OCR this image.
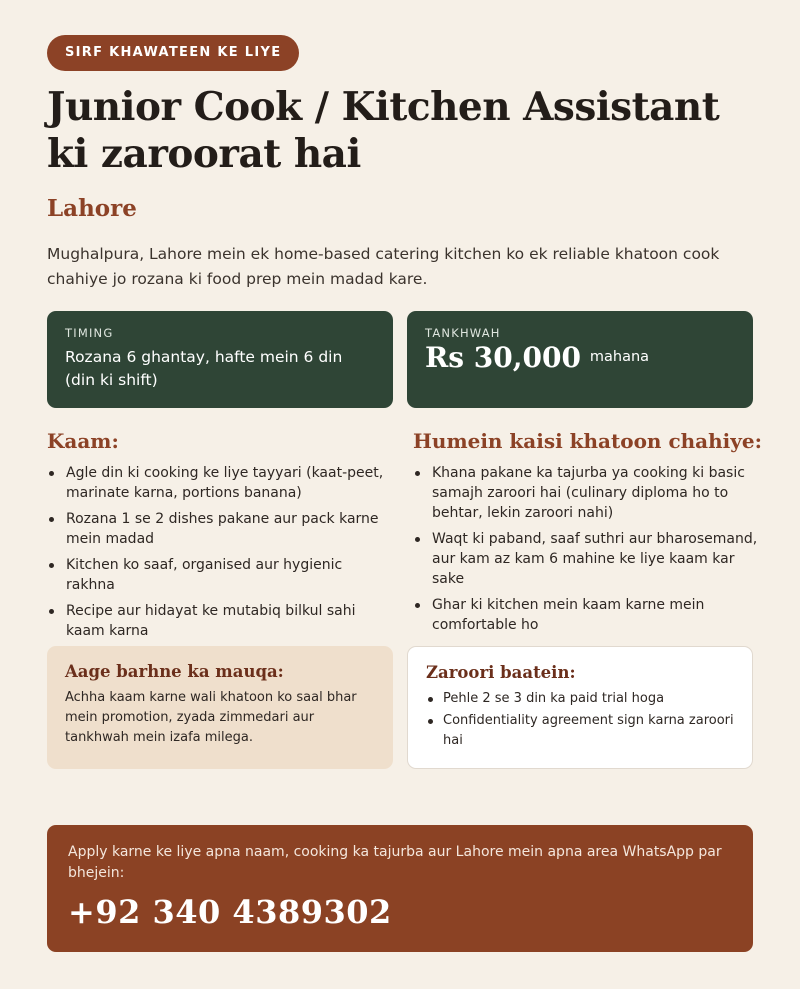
SIRF KHAWATEEN KE LIYE
Junior Cook / Kitchen Assistant ki zaroorat hai
Lahore

Mughalpura, Lahore mein ek home-based catering kitchen ko ek reliable khatoon cook chahiye jo rozana ki food prep mein madad kare.

TIMING
Rozana 6 ghantay, hafte mein 6 din (din ki shift)
TANKHWAH
Rs 30,000 mahana
Kaam:
Agle din ki cooking ke liye tayyari (kaat-peet, marinate karna, portions banana)
Rozana 1 se 2 dishes pakane aur pack karne mein madad
Kitchen ko saaf, organised aur hygienic rakhna
Recipe aur hidayat ke mutabiq bilkul sahi kaam karna
Humein kaisi khatoon chahiye:
Khana pakane ka tajurba ya cooking ki basic samajh zaroori hai (culinary diploma ho to behtar, lekin zaroori nahi)
Waqt ki paband, saaf suthri aur bharosemand, aur kam az kam 6 mahine ke liye kaam kar sake
Ghar ki kitchen mein kaam karne mein comfortable ho
Aage barhne ka mauqa:

Achha kaam karne wali khatoon ko saal bhar mein promotion, zyada zimmedari aur tankhwah mein izafa milega.

Zaroori baatein:
Pehle 2 se 3 din ka paid trial hoga
Confidentiality agreement sign karna zaroori hai

Apply karne ke liye apna naam, cooking ka tajurba aur Lahore mein apna area WhatsApp par bhejein:

+92 340 4389302
